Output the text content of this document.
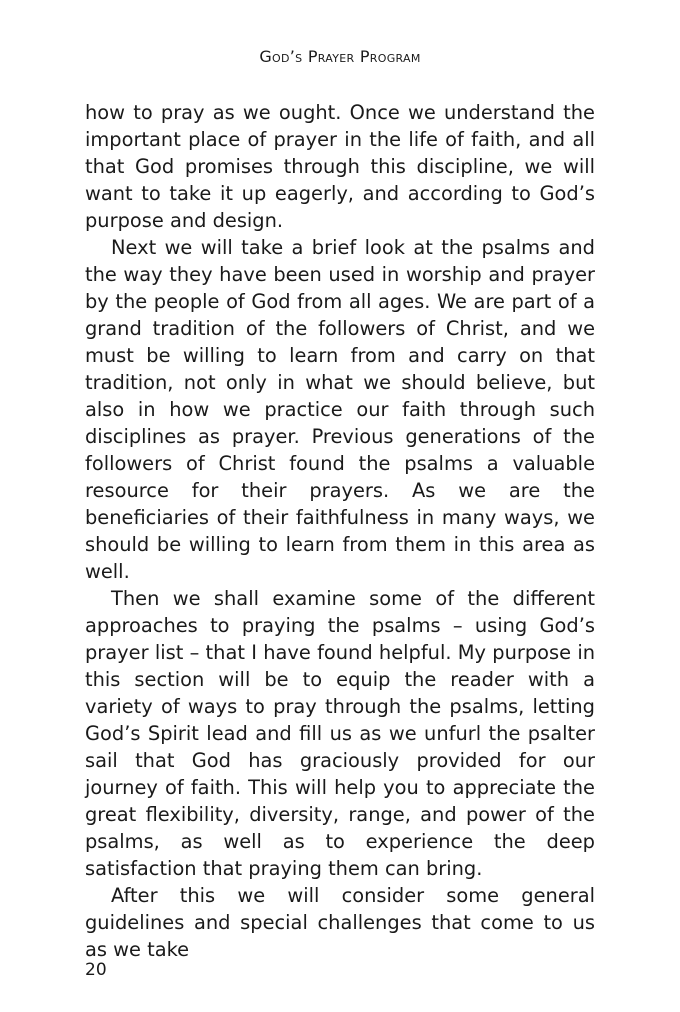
God’s Prayer Program

how to pray as we ought. Once we understand the important place of prayer in the life of faith, and all that God promises through this discipline, we will want to take it up eagerly, and according to God’s purpose and design.

Next we will take a brief look at the psalms and the way they have been used in worship and prayer by the people of God from all ages. We are part of a grand tradition of the followers of Christ, and we must be willing to learn from and carry on that tradition, not only in what we should believe, but also in how we practice our faith through such disciplines as prayer. Previous generations of the followers of Christ found the psalms a valuable resource for their prayers. As we are the beneficiaries of their faithfulness in many ways, we should be willing to learn from them in this area as well.

Then we shall examine some of the different approaches to praying the psalms – using God’s prayer list – that I have found helpful. My purpose in this section will be to equip the reader with a variety of ways to pray through the psalms, letting God’s Spirit lead and fill us as we unfurl the psalter sail that God has graciously provided for our journey of faith. This will help you to appreciate the great flexibility, diversity, range, and power of the psalms, as well as to experience the deep satisfaction that praying them can bring.

After this we will consider some general guidelines and special challenges that come to us as we take

20
